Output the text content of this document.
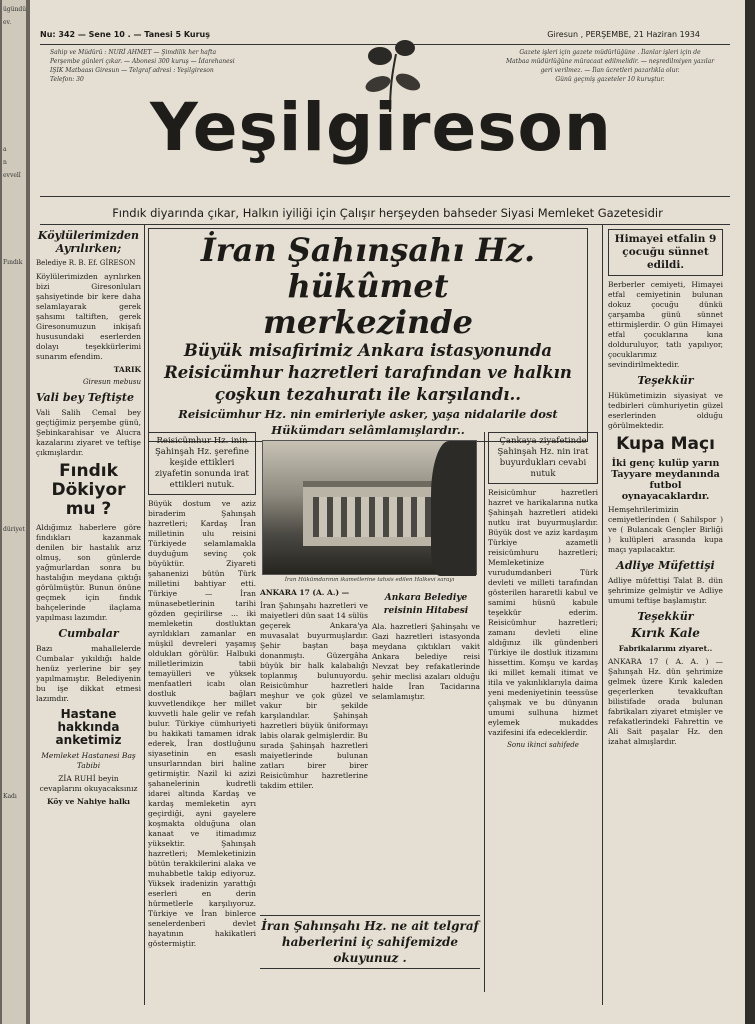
ügündü
ev.
a
n
evvelî
Fındık
düriyet
Kadı
Nu: 342 — Sene 10 . — Tanesi 5 Kuruş	Giresun , PERŞEMBE, 21 Haziran 1934
Sahip ve Müdürü : NURİ AHMET — Şimdilik her hafta
Perşembe günleri çıkar. — Abonesi 300 kuruş — İdarehanesi
IŞIK Matbaası Giresun — Telgraf adresi : Yeşilgireson
Telefon: 30
Gazete işleri için gazete müdürlüğüne . İlanlar işleri için de
Matbaa müdürlüğüne müracaat edilmelidir. — neşredilmiyen yazılar
geri verilmez. — İlan ücretleri pazarlıkla olur.
Günü geçmiş gazeteler 10 kuruştur.
Yeşilgireson
Fındık diyarında çıkar, Halkın iyiliği için Çalışır herşeyden bahseder Siyasi Memleket Gazetesidir
Köylülerimizden Ayrılırken;

Belediye R. B. Ef. GİRESON

Köylülerimizden ayrılırken bizi Giresonluları şahsiyetinde bir kere daha selamlayarak gerek şahsımı taltiften, gerek Giresonumuzun inkişafı hususundaki eserlerden dolayı teşekkürlerimi sunarım efendim.

TARIK

Giresun mebusu

Vali bey Teftişte

Vali Salih Cemal bey geçtiğimiz perşembe günü, Şebinkarahisar ve Alucra kazalarını ziyaret ve teftişe çıkmışlardır.

Fındık Dökiyor mu ?

Aldığımız haberlere göre fındıkları kazanmak denilen bir hastalık arız olmuş, son günlerde yağmurlardan sonra bu hastalığın meydana çıktığı görülmüştür. Bunun önüne geçmek için fındık bahçelerinde ilaçlama yapılması lazımdır.

Cumbalar

Bazı mahallelerde Cumbalar yıkıldığı halde henüz yerlerine bir şey yapılmamıştır. Belediyenin bu işe dikkat etmesi lazımdır.

Hastane hakkında anketimiz

Memleket Hastanesi Baş Tabibi

ZİA RUHİ beyin cevaplarını okuyacaksınız

Köy ve Nahiye halkı

İran Şahınşahı Hz. hükûmet
merkezinde
Büyük misafirimiz Ankara istasyonunda Reisicümhur hazretleri tarafından ve halkın çoşkun tezahuratı ile karşılandı..
Reisicümhur Hz. nin emirleriyle asker, yaşa nidalarile dost Hükümdarı selâmlamışlardır..
Reisicümhur Hz. inin Şahinşah Hz. şerefine keşide ettikleri ziyafetin sonunda irat ettikleri nutuk.

Büyük dostum ve aziz biraderim Şahınşah hazretleri; Kardaş İran milletinin ulu reisini Türkiyede selamlamakla duyduğum sevinç çok büyüktür. Ziyareti şahanenizi bütün Türk milletini bahtiyar etti. Türkiye — İran münasebetlerinin tarihi gözden geçirilirse ... iki memleketin dostluktan ayrıldıkları zamanlar en müşkil devreleri yaşamış oldukları görülür. Halbuki milletlerimizin tabii temayülleri ve yüksek menfaatleri icabı olan dostluk bağları kuvvetlendikçe her millet kuvvetli hale gelir ve refah bulur. Türkiye cümhuriyeti bu hakikati tamamen idrak ederek, İran dostluğunu siyasetinin en esaslı unsurlarından biri haline getirmiştir. Nazil ki azizi şahanelerinin kudretli idarei altında Kardaş ve kardaş memleketin ayrı geçirdiği, ayni gayelere koşmakta olduğuna olan kanaat ve itimadımız yüksektir. Şahınşah hazretleri; Memleketinizin bütün terakkilerini alaka ve muhabbetle takip ediyoruz. Yüksek iradenizin yarattığı eserleri en derin hürmetlerle karşılıyoruz. Türkiye ve İran binlerce senelerdenberi devlet hayatının hakikatleri göstermiştir.

İran Hükümdarının ikametlerine tahsis edilen Halkevi sarayı

ANKARA 17 (A. A.) —

İran Şahınşahı hazretleri ve maiyetleri dün saat 14 sülüs geçerek Ankara'ya muvasalat buyurmuşlardır. Şehir baştan başa donanmıştı. Güzergâha büyük bir halk kalabalığı toplanmış bulunuyordu. Reisicümhur hazretleri meşhur ve çok güzel ve vakur bir şekilde karşılandılar. Şahinşah hazretleri büyük üniformayı labis olarak gelmişlerdir. Bu sırada Şahinşah hazretleri maiyetlerinde bulunan zatları birer birer Reisicümhur hazretlerine takdim ettiler.

Ankara Belediye reisinin Hitabesi

Ala. hazretleri Şahinşahı ve Gazi hazretleri istasyonda meydana çıktıkları vakit Ankara belediye reisi Nevzat bey refakatlerinde şehir meclisi azaları olduğu halde İran Tacidarına selamlamıştır.

İran Şahınşahı Hz. ne ait telgraf haberlerini iç sahifemizde okuyunuz .
Çankaya ziyafetinde Şahinşah Hz. nin irat buyurdukları cevabi nutuk

Reisicümhur hazretleri hazret ve harikalarına nutka Şahinşah hazretleri atideki nutku irat buyurmuşlardır. Büyük dost ve aziz kardaşım Türkiye azametli reisicümhuru hazretleri; Memleketinize vurudumdanberi Türk devleti ve milleti tarafından gösterilen hararetli kabul ve samimi hüsnü kabule teşekkür ederim. Reisicümhur hazretleri; zamanı devleti eline aldığınız ilk gündenberi Türkiye ile dostluk itizamını hissettim. Komşu ve kardaş iki millet kemali itimat ve itila ve yakınlıklarıyla daima yeni medeniyetinin teessüse çalışmak ve bu dünyanın umumi sulhuna hizmet eylemek mukaddes vazifesini ifa edeceklerdir.

Sonu ikinci sahifede

Himayei etfalin 9 çocuğu sünnet edildi.

Berberler cemiyeti, Himayei etfal cemiyetinin bulunan dokuz çocuğu dünkü çarşamba günü sünnet ettirmişlerdir. O gün Himayei etfal çocuklarına kına dolduruluyor, tatlı yapılıyor, çocuklarımız sevindirilmektedir.

Teşekkür

Hükümetimizin siyasiyat ve tedbirleri cümhuriyetin güzel eserlerinden olduğu görülmektedir.

Kupa Maçı

İki genç kulüp yarın Tayyare meydanında futbol oynayacaklardır.

Hemşehrilerimizin cemiyetlerinden ( Sahilspor ) ve ( Bulancak Gençler Birliği ) kulüpleri arasında kupa maçı yapılacaktır.

Adliye Müfettişi

Adliye müfettişi Talat B. dün şehrimize gelmiştir ve Adliye umumi teftişe başlamıştır.

Teşekkür
Kırık Kale

Fabrikalarımı ziyaret..

ANKARA 17 ( A. A. ) — Şahınşah Hz. dün şehrimize gelmek üzere Kırık kaleden geçerlerken tevakkuftan bilistifade orada bulunan fabrikaları ziyaret etmişler ve refakatlerindeki Fahrettin ve Ali Sait paşalar Hz. den izahat almışlardır.
